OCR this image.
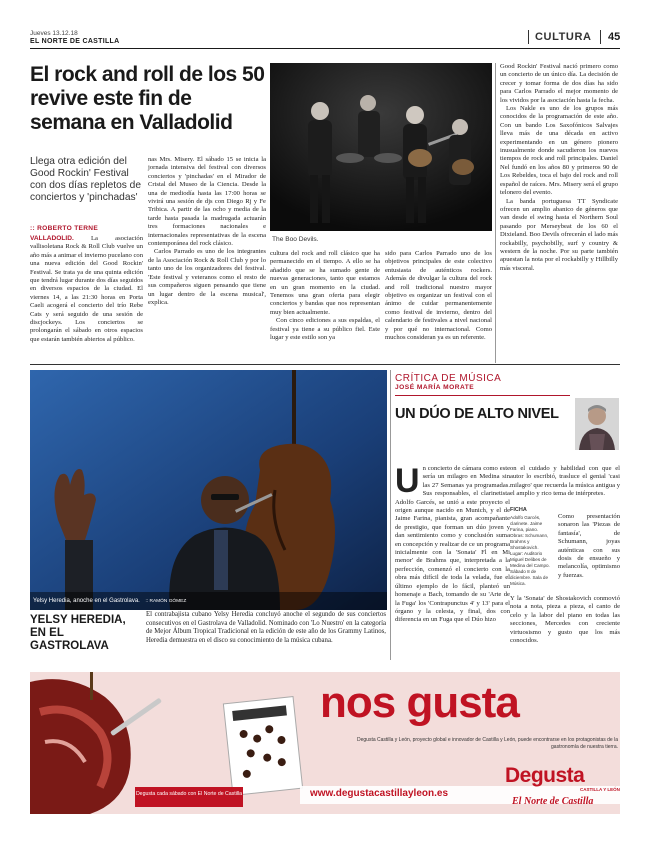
Jueves 13.12.18
EL NORTE DE CASTILLA	CULTURA 45
El rock and roll de los 50 revive este fin de semana en Valladolid
Llega otra edición del Good Rockin' Festival con dos días repletos de conciertos y 'pinchadas'
:: ROBERTO TERNE

VALLADOLID.	La asociación vallisoletana Rock & Roll Club vuelve un año más a animar el invierno pucelano con una nueva edición del Good Rockin' Festival. Se trata ya de una quinta edición que tendrá lugar durante dos días seguidos en diversos espacios de la ciudad. El viernes 14, a las 21:30 horas en Porta Caeli acogerá el concierto del trío Rebe Cats y será seguido de una sesión de discjockeys. Los conciertos se prolongarán el sábado en otros espacios que estarán también abiertos al público.

nas Mrs. Misery. El sábado 15 se inicia la jornada intensiva del festival con diversos conciertos y 'pinchadas' en el Mirador de Cristal del Museo de la Ciencia. Desde la una de mediodía hasta las 17:00 horas se vivirá una sesión de djs con Diego Rj y Fe Tribica. A partir de las ocho y media de la tarde hasta pasada la madrugada actuarán tres formaciones nacionales e internacionales representativas de la escena contemporánea del rock clásico.

Carlos Parrado es uno de los integrantes de la Asociación Rock & Roll Club y por lo tanto uno de los organizadores del festival. 'Este festival y veteranos como el resto de sus compañeros siguen pensando que tiene un lugar dentro de la escena musical', explica.

The Boo Devils.

cultura del rock and roll clásico que ha permanecido en el tiempo. A ello se ha añadido que se ha sumado gente de nuevas generaciones, tanto que estamos en un gran momento en la ciudad. Tenemos una gran oferta para elegir conciertos y bandas que nos representan muy bien actualmente.

Con cinco ediciones a sus espaldas, el festival ya tiene a su público fiel. Este lugar y este estilo son ya

sido para Carlos Parrado uno de los objetivos principales de este colectivo entusiasta de auténticos rockers. Además de divulgar la cultura del rock and roll tradicional nuestro mayor objetivo es organizar un festival con el ánimo de cuidar permanentemente como festival de invierno, dentro del calendario de festivales a nivel nacional y por qué no internacional. Como muchos consideran ya es un referente.

Good Rockin' Festival nació primero como un concierto de un único día. La decisión de crecer y tomar forma de dos días ha sido para Carlos Parrado el mejor momento de los vividos por la asociación hasta la fecha.

Los Nakle es uno de los grupos más conocidos de la programación de este año. Con un bando Los Saxofónicos Salvajes lleva más de una década en activo experimentando en un género pionero inusualmente donde sacudieron los nuevos tiempos de rock and roll principales. Daniel Nel fundó en los años 80 y primeros 90 de Los Rebeldes, toca el bajo del rock and roll español de raíces. Mrs. Misery será el grupo telonero del evento.

La banda portuguesa TT Syndicate ofrecen un amplio abanico de géneros que van desde el swing hasta el Northern Soul pasando por Merseybeat de los 60 el Dixieland. Boo Devils ofrecerán el lado más rockabilly, psychobilly, surf y country & western de la noche. Por su parte también apuestan la nota por el rockabilly y Hillbilly más visceral.

Yelsy Heredia, anoche en el Gastrolava. :: RAMÓN GÓMEZ
YELSY HEREDIA, EN EL GASTROLAVA
El contrabajista cubano Yelsy Heredia concluyó anoche el segundo de sus conciertos consecutivos en el Gastrolava de Valladolid. Nominado con 'Lo Nuestro' en la categoría de Mejor Álbum Tropical Tradicional en la edición de este año de los Grammy Latinos, Heredia demuestra en el disco su conocimiento de la música cubana.
CRÍTICA DE MÚSICA
JOSÉ MARÍA MORATE
UN DÚO DE ALTO NIVEL

Un concierto de cámara como este sería un milagro en Medina sin las 27 Semanas ya programadas. Sus responsables, el clarinetista Adolfo Garcés, se unió a este proyecto el origen aunque nacido en Munich, y el de Jaime Farina, pianista, gran acompañante de prestigio, que forman un dúo joven y dan sentimiento como y conclusión suma en concepción y realizar de ce un programa inicialmente con la 'Sonata' Fl en Mi menor' de Brahms que, interpretada a la perfección, comenzó el concierto con la obra más difícil de toda la velada, fue el último ejemplo de lo fácil, planteó un homenaje a Bach, tomando de su 'Arte de la Fuga' los 'Contrapunctus 4' y 13' para el órgano y la celesta, y final, dos con diferencia en un Fuga que el Dúo hizo

on el cuidado y habilidad con que el autor lo escribió, trasluce el genial 'casi milagro' que recuerda la música antigua y el amplio y rico tema de intérpretes.

FICHA
Adolfo Garcés, clarinete. Jaime Farina, piano. Obras: Schumann, Brahms y Shostakovich. Lugar: Auditorio Miguel Delibes de Medina del Campo. Sábado 8 de diciembre. Sala de Música.

Como presentación sonaron las 'Piezas de fantasía', de Schumann, joyas auténticas con sus dosis de ensueño y melancolía, optimismo y fuerzas.

Y la 'Sonata' de Shostakovich conmovió nota a nota, pieza a pieza, el canto de celo y la labor del piano en todas las secciones, Mercedes con creciente virtuosismo y gusto que los más conocidos.

nos gusta
Degusta Castilla y León, proyecto global e innovador de Castilla y León, puede encontrarse en los protagonistas de la gastronomía de nuestra tierra.
Degusta cada sábado con El Norte de Castilla	www.degustacastillayleon.es
Degusta
CASTILLA Y LEÓN
El Norte de Castilla
